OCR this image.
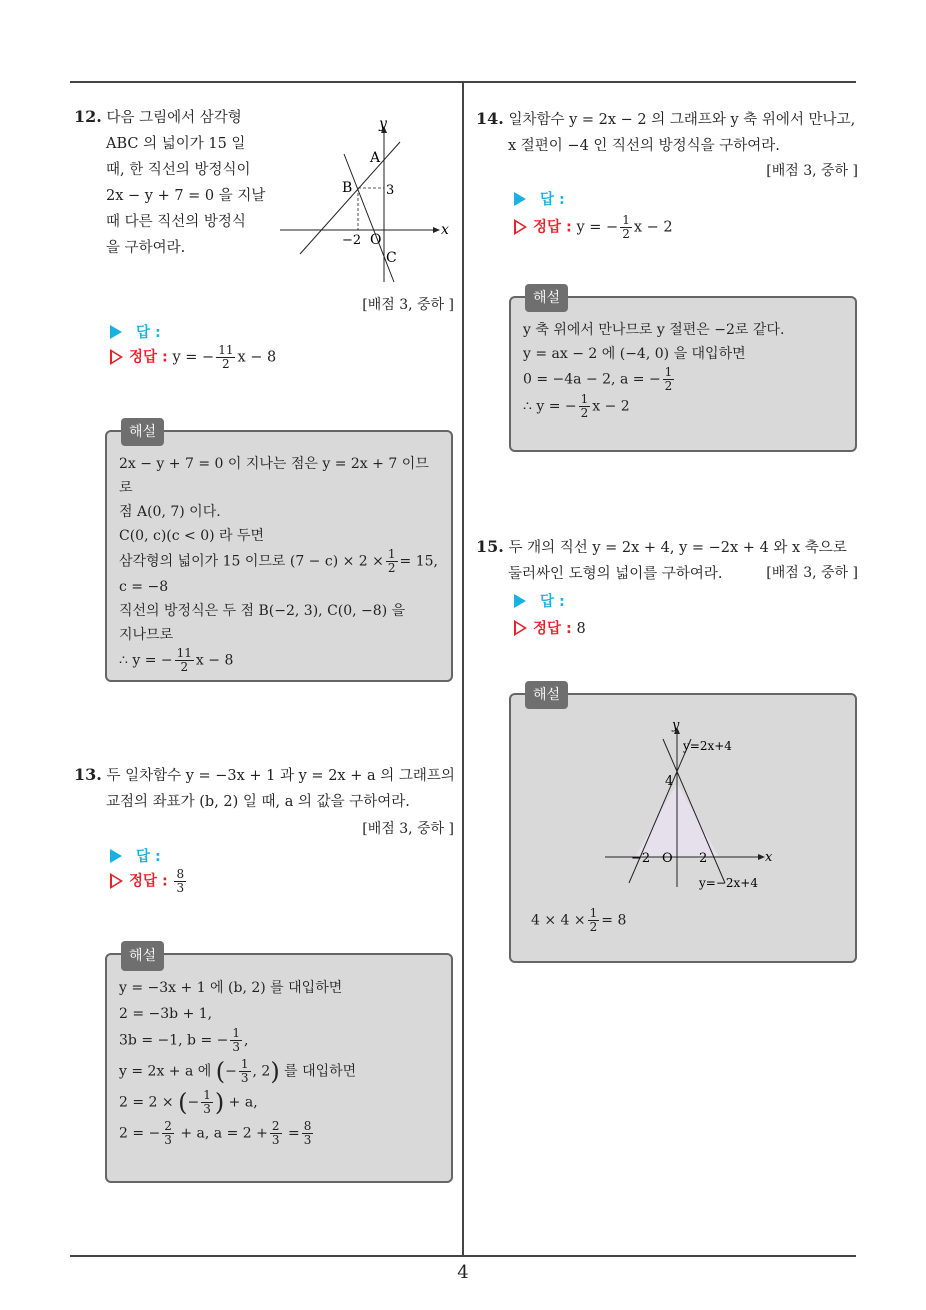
4
12. 다음 그림에서 삼각형
ABC 의 넓이가 15 일
때, 한 직선의 방정식이
2x − y + 7 = 0 을 지날
때 다른 직선의 방정식
을 구하여라.
y
x
A
B
C
O
3
−2
[배점 3, 중하 ]
답 :
정답 : y = − $\frac{11}{2}$ x − 8
해설
2x − y + 7 = 0 이 지나는 점은 y = 2x + 7 이므로
점 A(0, 7) 이다.
C(0, c)(c < 0) 라 두면
삼각형의 넓이가 15 이므로 $(7 - c) \times 2 \times \frac{1}{2} = 15$,
c = −8
직선의 방정식은 두 점 B(−2, 3), C(0, −8) 을
지나므로
∴ y = − $\frac{11}{2}$ x − 8
13. 두 일차함수 y = −3x + 1 과 y = 2x + a 의 그래프의
교점의 좌표가 (b, 2) 일 때, a 의 값을 구하여라.
[배점 3, 중하 ]
답 :
정답 : $\frac{8}{3}$
해설
y = −3x + 1 에 (b, 2) 를 대입하면
2 = −3b + 1,
3b = −1, b = − $\frac{1}{3}$ ,
y = 2x + a 에 (− $\frac{1}{3}$ , 2) 를 대입하면
2 = 2 × (− $\frac{1}{3}$ ) + a,
2 = − $\frac{2}{3} + a$, $a = 2 + \frac{2}{3} = \frac{8}{3}$
14. 일차함수 y = 2x − 2 의 그래프와 y 축 위에서 만나고,
x 절편이 −4 인 직선의 방정식을 구하여라.
[배점 3, 중하 ]
답 :
정답 : y = − $\frac{1}{2}$ x − 2
해설
y 축 위에서 만나므로 y 절편은 −2로 같다.
y = ax − 2 에 (−4, 0) 을 대입하면
0 = −4a − 2, a = − $\frac{1}{2}$
∴ y = − $\frac{1}{2}$ x − 2
15. 두 개의 직선 y = 2x + 4, y = −2x + 4 와 x 축으로
둘러싸인 도형의 넓이를 구하여라.	[배점 3, 중하 ]
답 :
정답 : 8
해설
y
x
y=2x+4
y=−2x+4
4
−2	2
O
$4 \times 4 \times \frac{1}{2} = 8$
